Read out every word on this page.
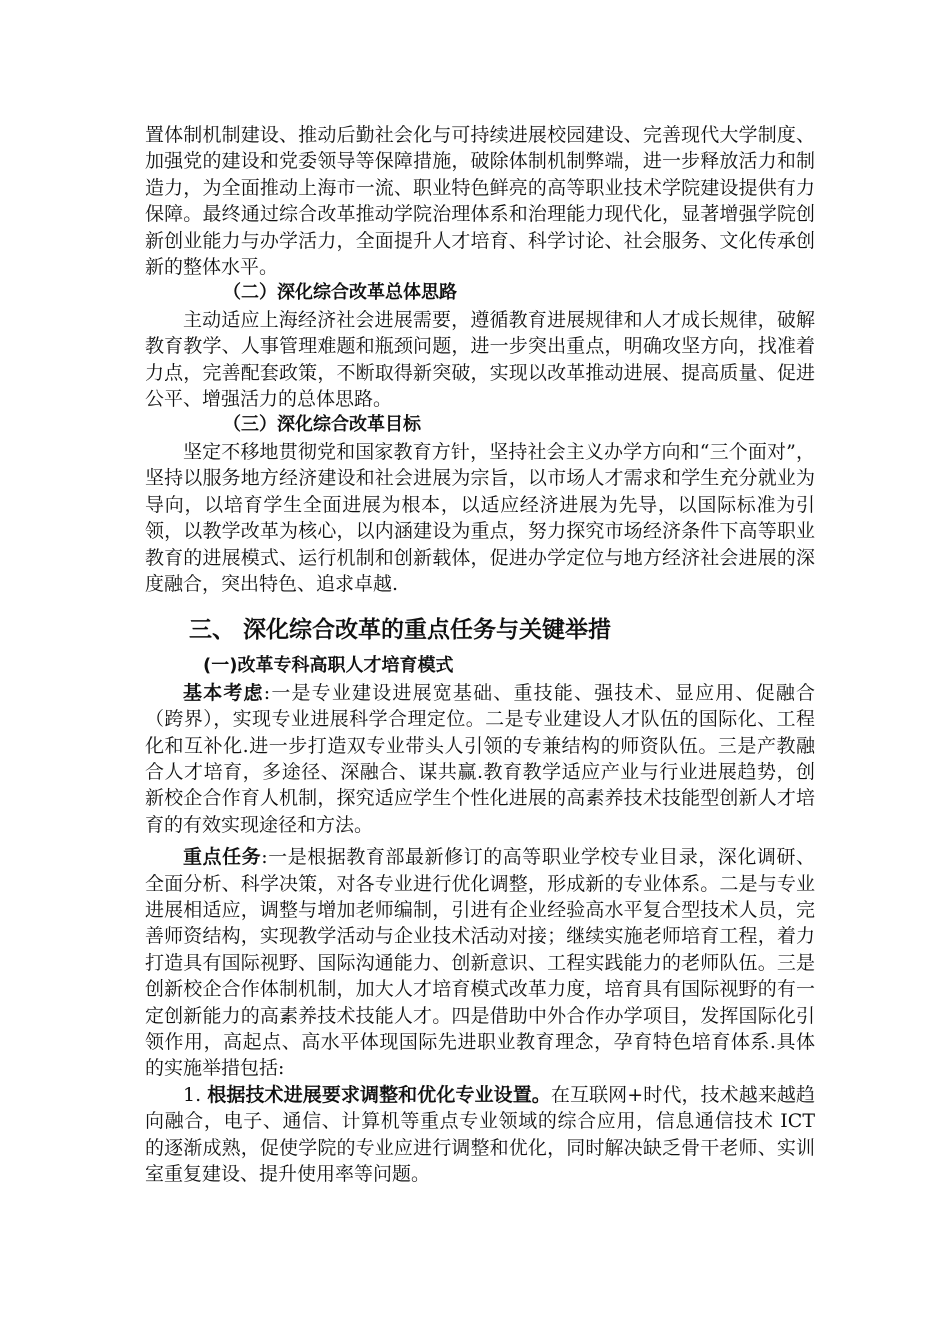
置体制机制建设、推动后勤社会化与可持续进展校园建设、完善现代大学制度、加强党的建设和党委领导等保障措施，破除体制机制弊端，进一步释放活力和制造力，为全面推动上海市一流、职业特色鲜亮的高等职业技术学院建设提供有力保障。最终通过综合改革推动学院治理体系和治理能力现代化，显著增强学院创新创业能力与办学活力，全面提升人才培育、科学讨论、社会服务、文化传承创新的整体水平。

（二）深化综合改革总体思路

主动适应上海经济社会进展需要，遵循教育进展规律和人才成长规律，破解教育教学、人事管理难题和瓶颈问题，进一步突出重点，明确攻坚方向，找准着力点，完善配套政策，不断取得新突破，实现以改革推动进展、提高质量、促进公平、增强活力的总体思路。

（三）深化综合改革目标

坚定不移地贯彻党和国家教育方针，坚持社会主义办学方向和“三个面对”，坚持以服务地方经济建设和社会进展为宗旨，以市场人才需求和学生充分就业为导向，以培育学生全面进展为根本，以适应经济进展为先导，以国际标准为引领，以教学改革为核心，以内涵建设为重点，努力探究市场经济条件下高等职业教育的进展模式、运行机制和创新载体，促进办学定位与地方经济社会进展的深度融合，突出特色、追求卓越.

三、 深化综合改革的重点任务与关键举措

(一)改革专科高职人才培育模式

基本考虑:一是专业建设进展宽基础、重技能、强技术、显应用、促融合（跨界），实现专业进展科学合理定位。二是专业建设人才队伍的国际化、工程化和互补化.进一步打造双专业带头人引领的专兼结构的师资队伍。三是产教融合人才培育，多途径、深融合、谋共赢.教育教学适应产业与行业进展趋势，创新校企合作育人机制，探究适应学生个性化进展的高素养技术技能型创新人才培育的有效实现途径和方法。

重点任务:一是根据教育部最新修订的高等职业学校专业目录，深化调研、全面分析、科学决策，对各专业进行优化调整，形成新的专业体系。二是与专业进展相适应，调整与增加老师编制，引进有企业经验高水平复合型技术人员，完善师资结构，实现教学活动与企业技术活动对接；继续实施老师培育工程，着力打造具有国际视野、国际沟通能力、创新意识、工程实践能力的老师队伍。三是创新校企合作体制机制，加大人才培育模式改革力度，培育具有国际视野的有一定创新能力的高素养技术技能人才。四是借助中外合作办学项目，发挥国际化引领作用，高起点、高水平体现国际先进职业教育理念，孕育特色培育体系.具体的实施举措包括:

1. 根据技术进展要求调整和优化专业设置。在互联网+时代，技术越来越趋向融合，电子、通信、计算机等重点专业领域的综合应用，信息通信技术 ICT 的逐渐成熟，促使学院的专业应进行调整和优化，同时解决缺乏骨干老师、实训室重复建设、提升使用率等问题。
